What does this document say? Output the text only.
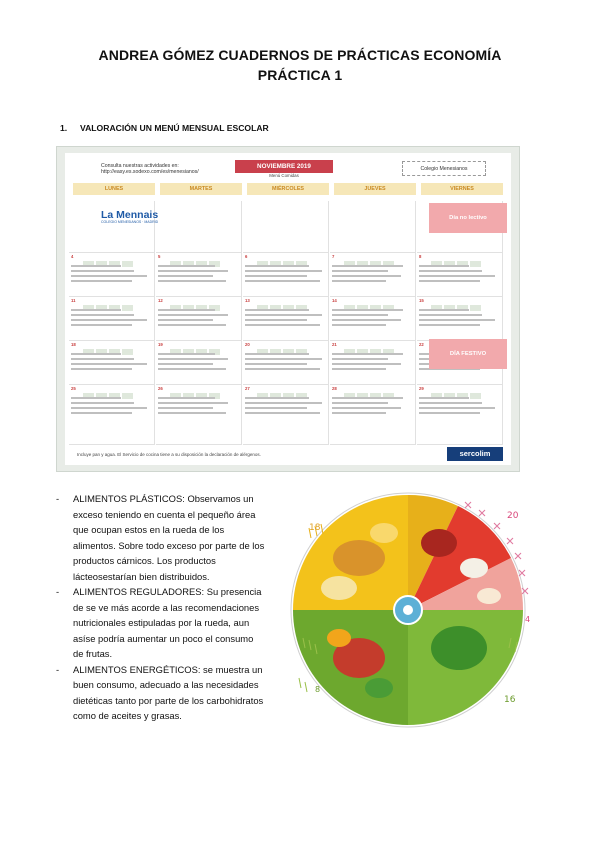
ANDREA GÓMEZ CUADERNOS DE PRÁCTICAS ECONOMÍA
PRÁCTICA 1
1. VALORACIÓN UN MENÚ MENSUAL ESCOLAR
Consulta nuestras actividades en:
http://easy.es.sodexo.com/es/menesianos/
NOVIEMBRE 2019
Menú Comidas
Colegio Menesianos
LUNES	MARTES	MIÉRCOLES	JUEVES	VIERNES
4	5	6	7	8
11	12	13	14	15
18	19	20	21	22
25	26	27	28	29
La Mennais
COLEGIO MENESIANOS · MADRID
Día no lectivo
DÍA FESTIVO
Incluye pan y agua. El Servicio de cocina tiene a su disposición la declaración de alérgenos.	sercolim
- ALIMENTOS PLÁSTICOS: Observamos un exceso teniendo en cuenta el pequeño área que ocupan estos en la rueda de los alimentos. Sobre todo exceso por parte de los productos cárnicos. Los productos lácteosestarían bien distribuidos.
- ALIMENTOS REGULADORES: Su presencia de se ve más acorde a las recomendaciones nutricionales estipuladas por la rueda, aun asíse podría aumentar un poco el consumo de frutas.
- ALIMENTOS ENERGÉTICOS: se muestra un buen consumo, adecuado a las necesidades dietéticas tanto por parte de los carbohidratos como de aceites y grasas.
18
20
16
8
4
